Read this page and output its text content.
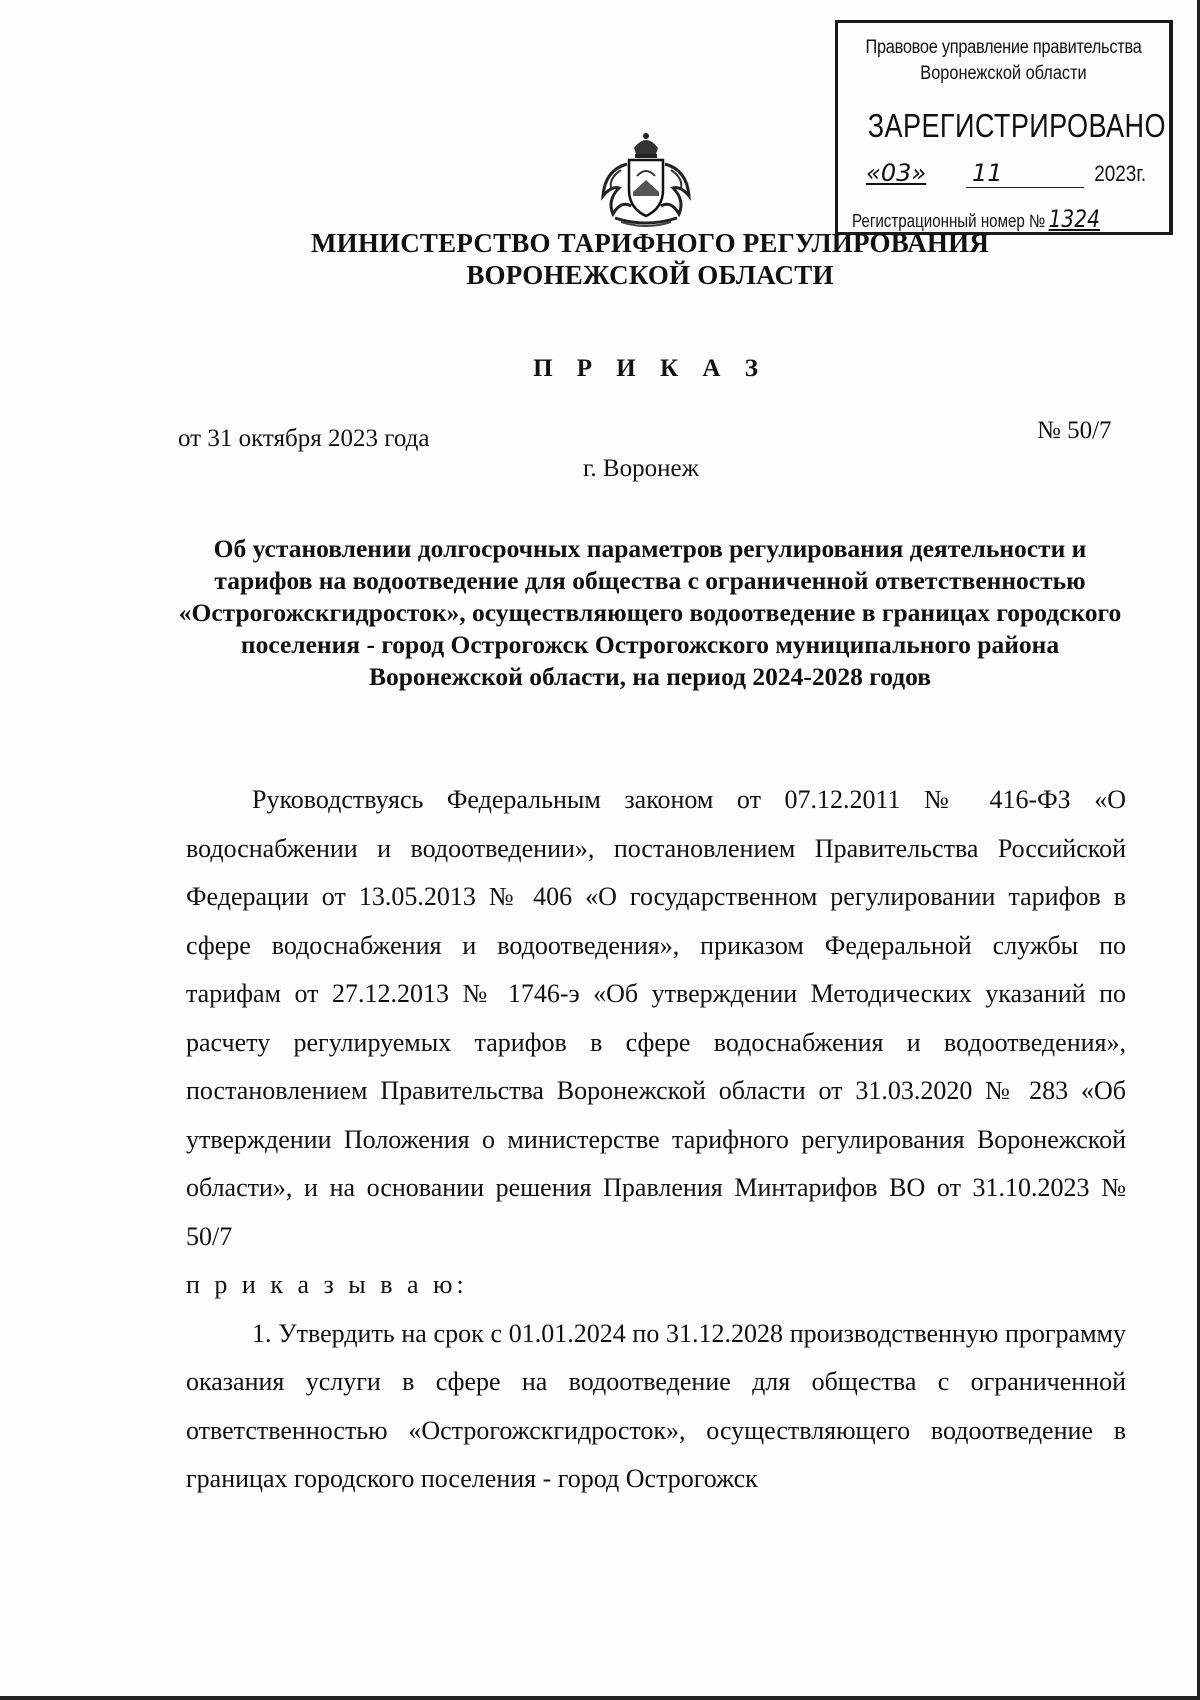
Правовое управление правительства
Воронежской области
ЗАРЕГИСТРИРОВАНО
«03» 11	2023г.
Регистрационный номер № 1324
МИНИСТЕРСТВО ТАРИФНОГО РЕГУЛИРОВАНИЯ
ВОРОНЕЖСКОЙ ОБЛАСТИ
П Р И К А З
от 31 октября 2023 года	№ 50/7
г. Воронеж
Об установлении долгосрочных параметров регулирования деятельности и тарифов на водоотведение для общества с ограниченной ответственностью «Острогожскгидросток», осуществляющего водоотведение в границах городского поселения - город Острогожск Острогожского муниципального района Воронежской области, на период 2024-2028 годов

Руководствуясь Федеральным законом от 07.12.2011 № 416-ФЗ «О водоснабжении и водоотведении», постановлением Правительства Российской Федерации от 13.05.2013 № 406 «О государственном регулировании тарифов в сфере водоснабжения и водоотведения», приказом Федеральной службы по тарифам от 27.12.2013 № 1746-э «Об утверждении Методических указаний по расчету регулируемых тарифов в сфере водоснабжения и водоотведения», постановлением Правительства Воронежской области от 31.03.2020 № 283 «Об утверждении Положения о министерстве тарифного регулирования Воронежской области», и на основании решения Правления Минтарифов ВО от 31.10.2023 № 50/7

п р и к а з ы в а ю:

1. Утвердить на срок с 01.01.2024 по 31.12.2028 производственную программу оказания услуги в сфере на водоотведение для общества с ограниченной ответственностью «Острогожскгидросток», осуществляющего водоотведение в границах городского поселения - город Острогожск
